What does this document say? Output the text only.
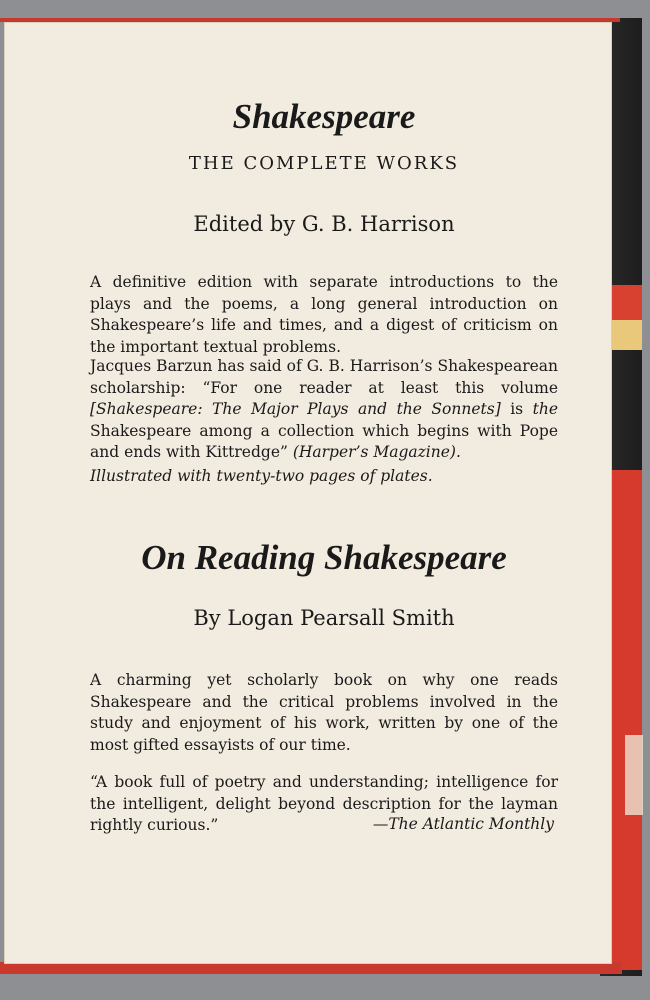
Shakespeare

THE COMPLETE WORKS

Edited by G. B. Harrison

A definitive edition with separate introductions to the plays and the poems, a long general introduction on Shakespeare’s life and times, and a digest of criticism on the important textual problems.

Jacques Barzun has said of G. B. Harrison’s Shakespearean scholarship: “For one reader at least this volume [Shakespeare: The Major Plays and the Sonnets] is the Shakespeare among a collection which begins with Pope and ends with Kittredge” (Harper’s Magazine).

Illustrated with twenty-two pages of plates.

On Reading Shakespeare

By Logan Pearsall Smith

A charming yet scholarly book on why one reads Shakespeare and the critical problems involved in the study and enjoyment of his work, written by one of the most gifted essayists of our time.

“A book full of poetry and understanding; intelligence for the intelligent, delight beyond description for the layman rightly curious.”	—The Atlantic Monthly
